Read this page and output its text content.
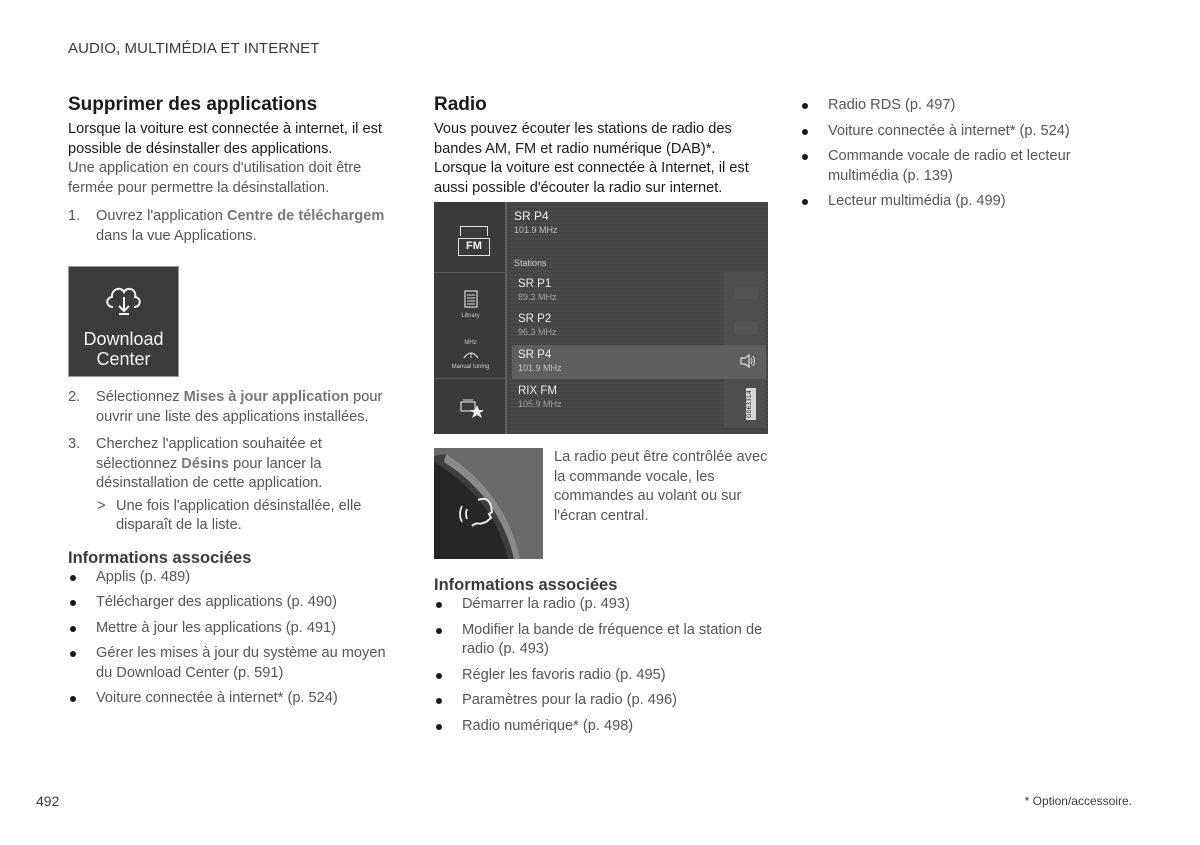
AUDIO, MULTIMÉDIA ET INTERNET
Supprimer des applications

Lorsque la voiture est connectée à internet, il est possible de désinstaller des applications.

Une application en cours d'utilisation doit être fermée pour permettre la désinstallation.

1. Ouvrez l'application Centre de téléchargem dans la vue Applications.
Download
Center
2. Sélectionnez Mises à jour application pour ouvrir une liste des applications installées.
3. Cherchez l'application souhaitée et sélectionnez Désins pour lancer la désinstallation de cette application.
> Une fois l'application désinstallée, elle disparaît de la liste.
Informations associées
Applis (p. 489)
Télécharger des applications (p. 490)
Mettre à jour les applications (p. 491)
Gérer les mises à jour du système au moyen du Download Center (p. 591)
Voiture connectée à internet* (p. 524)
Radio

Vous pouvez écouter les stations de radio des bandes AM, FM et radio numérique (DAB)*. Lorsque la voiture est connectée à Internet, il est aussi possible d'écouter la radio sur internet.

FM
Library
MHz
Manual tuning
SR P4
101.9 MHz
Stations
SR P1
89.3 MHz
SR P2
96.3 MHz
SR P4
101.9 MHz
RIX FM
105.9 MHz	G063314
La radio peut être contrôlée avec la commande vocale, les commandes au volant ou sur l'écran central.
Informations associées
Démarrer la radio (p. 493)
Modifier la bande de fréquence et la station de radio (p. 493)
Régler les favoris radio (p. 495)
Paramètres pour la radio (p. 496)
Radio numérique* (p. 498)
Radio RDS (p. 497)
Voiture connectée à internet* (p. 524)
Commande vocale de radio et lecteur multimédia (p. 139)
Lecteur multimédia (p. 499)
492	* Option/accessoire.
